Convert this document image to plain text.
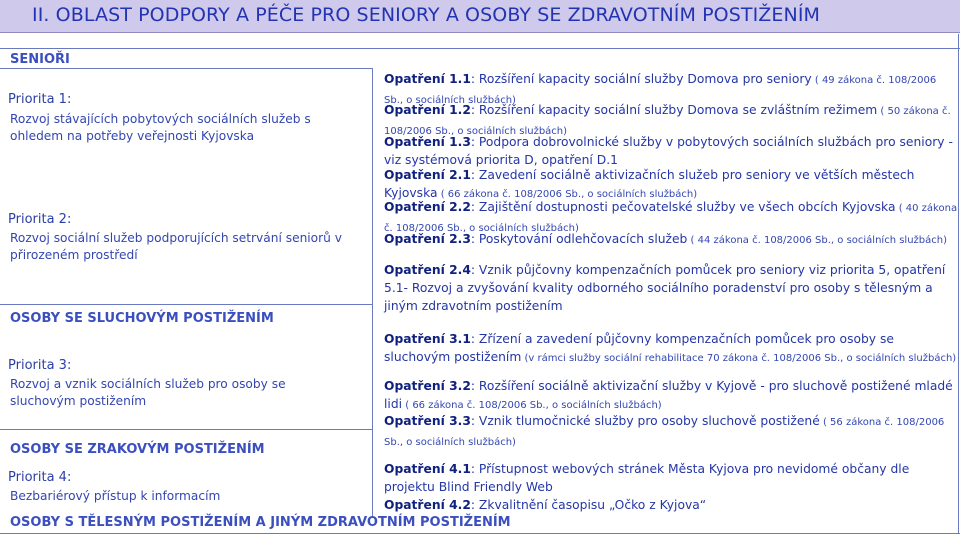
II. OBLAST PODPORY A PÉČE PRO SENIORY A OSOBY SE ZDRAVOTNÍM POSTIŽENÍM
SENIOŘI
Priorita 1:
Rozvoj stávajících pobytových sociálních služeb s ohledem na potřeby veřejnosti Kyjovska
Priorita 2:
Rozvoj sociální služeb podporujících setrvání seniorů v přirozeném prostředí
OSOBY SE SLUCHOVÝM POSTIŽENÍM
Priorita 3:
Rozvoj a vznik sociálních služeb pro osoby se sluchovým postižením
OSOBY SE ZRAKOVÝM POSTIŽENÍM
Priorita 4:
Bezbariérový přístup k informacím
OSOBY S TĚLESNÝM POSTIŽENÍM A JINÝM ZDRAVOTNÍM POSTIŽENÍM
Opatření 1.1: Rozšíření kapacity sociální služby Domova pro seniory ( 49 zákona č. 108/2006 Sb., o sociálních službách)
Opatření 1.2: Rozšíření kapacity sociální služby Domova se zvláštním režimem ( 50 zákona č. 108/2006 Sb., o sociálních službách)
Opatření 1.3: Podpora dobrovolnické služby v pobytových sociálních službách pro seniory - viz systémová priorita D, opatření D.1
Opatření 2.1: Zavedení sociálně aktivizačních služeb pro seniory ve větších městech Kyjovska ( 66 zákona č. 108/2006 Sb., o sociálních službách)
Opatření 2.2: Zajištění dostupnosti pečovatelské služby ve všech obcích Kyjovska ( 40 zákona č. 108/2006 Sb., o sociálních službách)
Opatření 2.3: Poskytování odlehčovacích služeb ( 44 zákona č. 108/2006 Sb., o sociálních službách)
Opatření 2.4: Vznik půjčovny kompenzačních pomůcek pro seniory viz priorita 5, opatření 5.1- Rozvoj a zvyšování kvality odborného sociálního poradenství pro osoby s tělesným a jiným zdravotním postižením
Opatření 3.1: Zřízení a zavedení půjčovny kompenzačních pomůcek pro osoby se sluchovým postižením (v rámci služby sociální rehabilitace 70 zákona č. 108/2006 Sb., o sociálních službách)
Opatření 3.2: Rozšíření sociálně aktivizační služby v Kyjově - pro sluchově postižené mladé lidi ( 66 zákona č. 108/2006 Sb., o sociálních službách)
Opatření 3.3: Vznik tlumočnické služby pro osoby sluchově postižené ( 56 zákona č. 108/2006 Sb., o sociálních službách)
Opatření 4.1: Přístupnost webových stránek Města Kyjova pro nevidomé občany dle projektu Blind Friendly Web
Opatření 4.2: Zkvalitnění časopisu „Očko z Kyjova“
